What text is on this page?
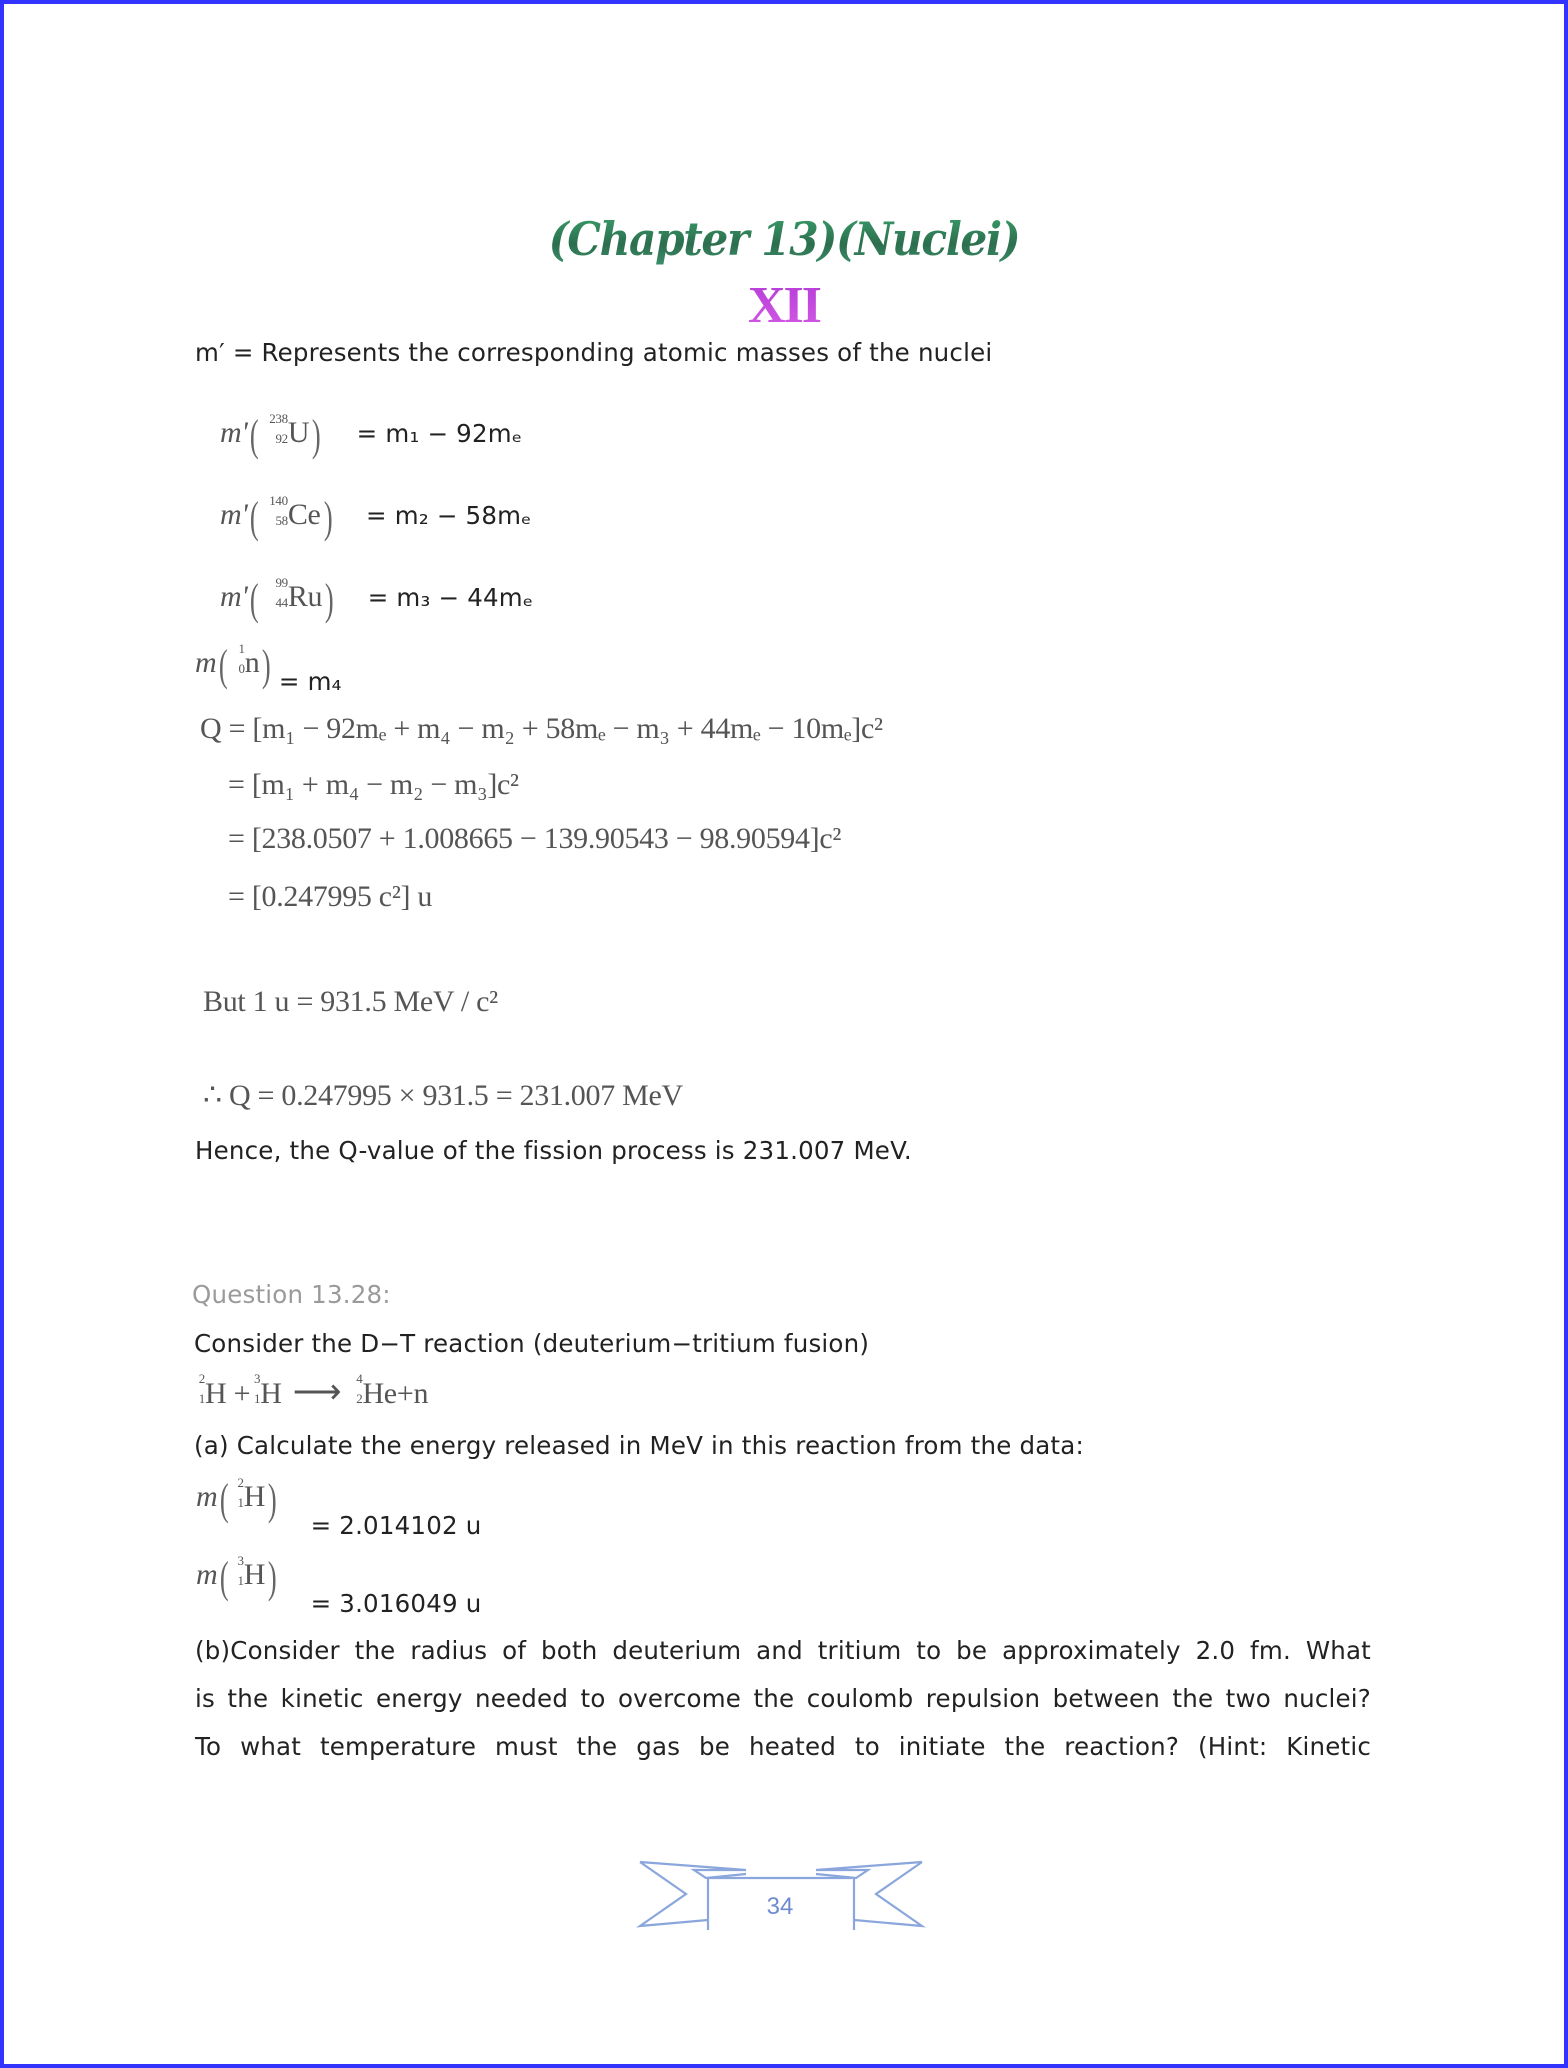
(Chapter 13)(Nuclei)
XII
m′ = Represents the corresponding atomic masses of the nuclei
m'( 238
92 U) = m₁ − 92mₑ
m'( 140
58 Ce) = m₂ − 58mₑ
m'(	99
44 Ru) = m₃ − 44mₑ
m( 1
0 n) = m₄
Q = [m₁ − 92mₑ + m₄ − m₂ + 58mₑ − m₃ + 44mₑ − 10mₑ]c²
= [m₁ + m₄ − m₂ − m₃]c²
= [238.0507 + 1.008665 − 139.90543 − 98.90594]c²
= [0.247995 c²] u
But 1 u = 931.5 MeV / c²
∴ Q = 0.247995 × 931.5 = 231.007 MeV
Hence, the Q-value of the fission process is 231.007 MeV.
Question 13.28:
Consider the D−T reaction (deuterium−tritium fusion)
2
1 H + 3
1 H ⟶ 4
2 He+n
(a) Calculate the energy released in MeV in this reaction from the data:
m( 2
1 H) = 2.014102 u
m( 3
1 H) = 3.016049 u
(b)Consider the radius of both deuterium and tritium to be approximately 2.0 fm. What
is the kinetic energy needed to overcome the coulomb repulsion between the two nuclei?
To what temperature must the gas be heated to initiate the reaction? (Hint: Kinetic
34
